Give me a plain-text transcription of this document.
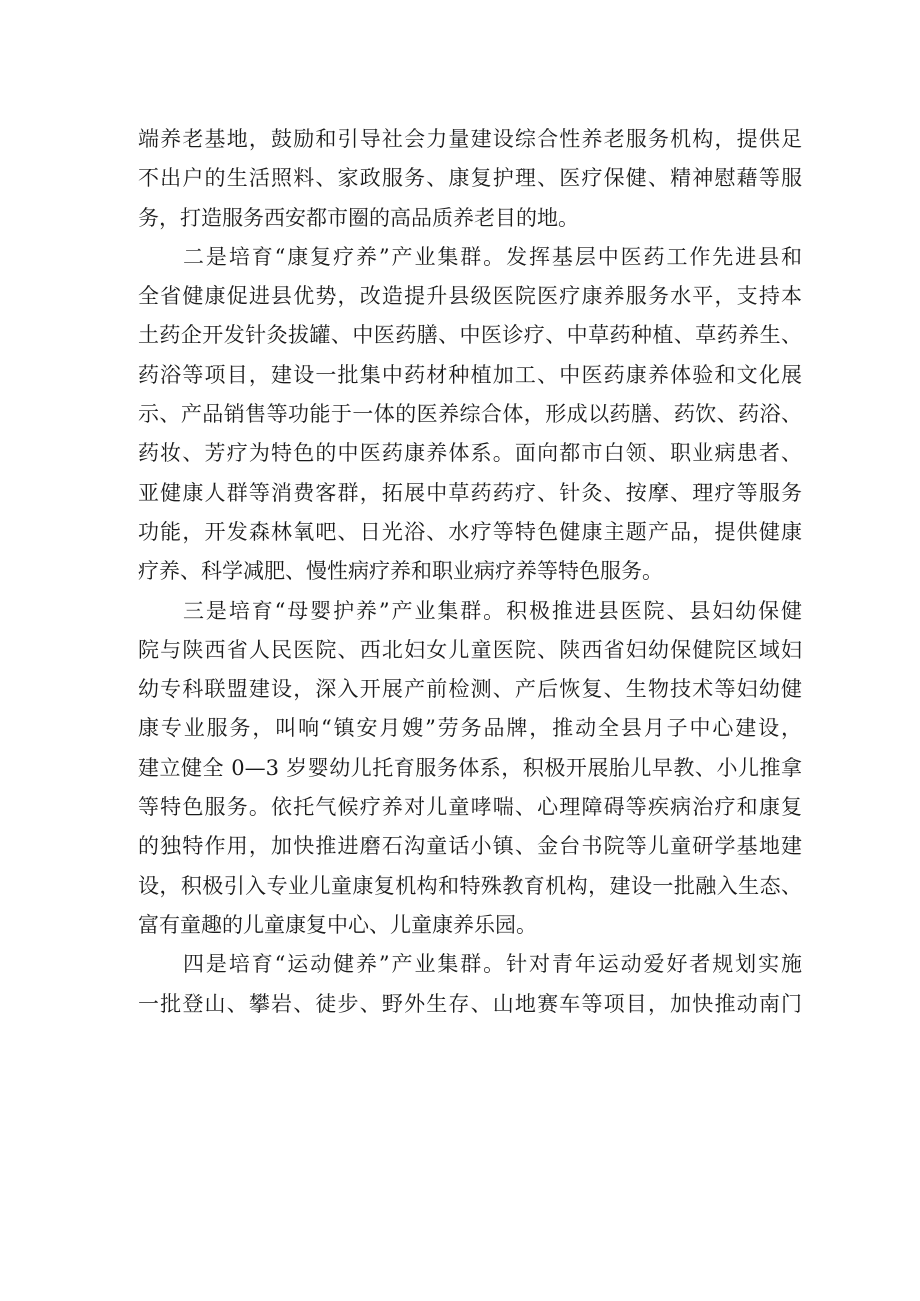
端养老基地，鼓励和引导社会力量建设综合性养老服务机构，提供足
不出户的生活照料、家政服务、康复护理、医疗保健、精神慰藉等服
务，打造服务西安都市圈的高品质养老目的地。
二是培育“康复疗养”产业集群。发挥基层中医药工作先进县和
全省健康促进县优势，改造提升县级医院医疗康养服务水平，支持本
土药企开发针灸拔罐、中医药膳、中医诊疗、中草药种植、草药养生、
药浴等项目，建设一批集中药材种植加工、中医药康养体验和文化展
示、产品销售等功能于一体的医养综合体，形成以药膳、药饮、药浴、
药妆、芳疗为特色的中医药康养体系。面向都市白领、职业病患者、
亚健康人群等消费客群，拓展中草药药疗、针灸、按摩、理疗等服务
功能，开发森林氧吧、日光浴、水疗等特色健康主题产品，提供健康
疗养、科学减肥、慢性病疗养和职业病疗养等特色服务。
三是培育“母婴护养”产业集群。积极推进县医院、县妇幼保健
院与陕西省人民医院、西北妇女儿童医院、陕西省妇幼保健院区域妇
幼专科联盟建设，深入开展产前检测、产后恢复、生物技术等妇幼健
康专业服务，叫响“镇安月嫂”劳务品牌，推动全县月子中心建设，
建立健全 0—3 岁婴幼儿托育服务体系，积极开展胎儿早教、小儿推拿
等特色服务。依托气候疗养对儿童哮喘、心理障碍等疾病治疗和康复
的独特作用，加快推进磨石沟童话小镇、金台书院等儿童研学基地建
设，积极引入专业儿童康复机构和特殊教育机构，建设一批融入生态、
富有童趣的儿童康复中心、儿童康养乐园。
四是培育“运动健养”产业集群。针对青年运动爱好者规划实施
一批登山、攀岩、徒步、野外生存、山地赛车等项目，加快推动南门
